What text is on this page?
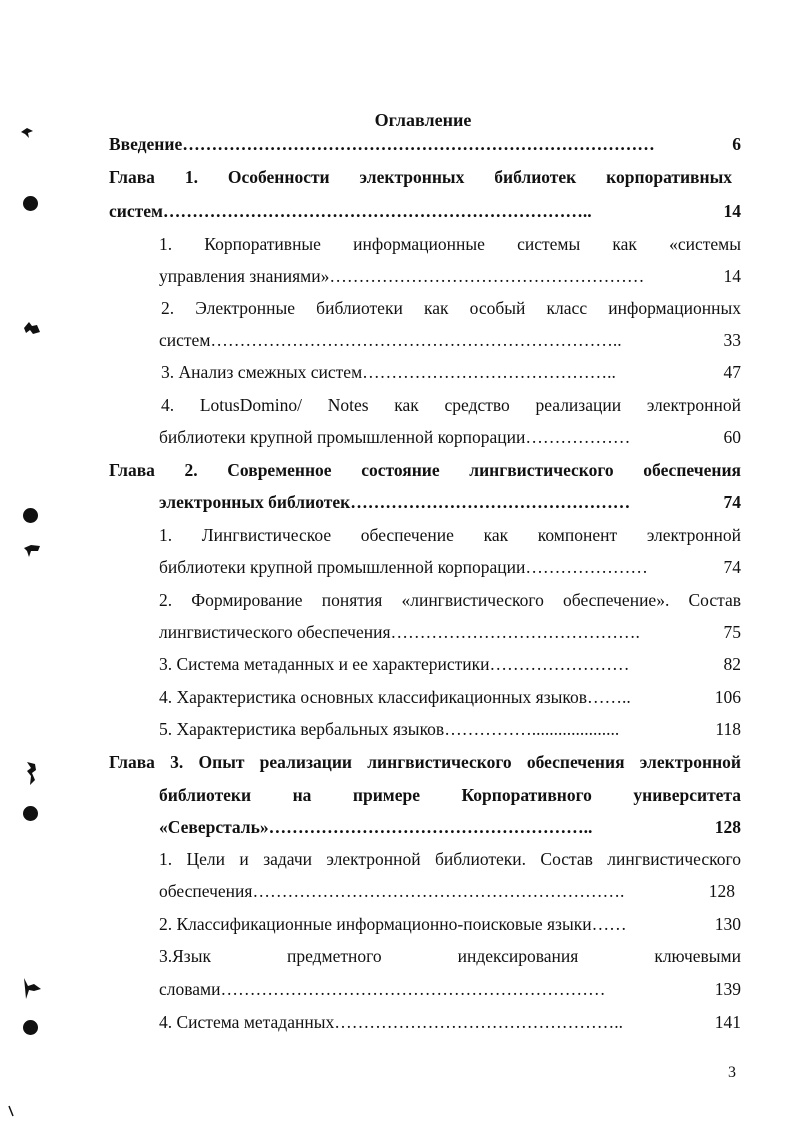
Оглавление
Введение………………………………………………………………………	6
Глава 1. Особенности электронных библиотек корпоративных
систем………………………………………………………………..	14
1. Корпоративные информационные системы как «системы
управления знаниями»………………………………………………	14
2. Электронные библиотеки как особый класс информационных
систем……………………………………………………………..	33
3. Анализ смежных систем……………………………………..	47
4. LotusDomino/ Notes как средство реализации электронной
библиотеки крупной промышленной корпорации………………	60
Глава 2. Современное состояние лингвистического обеспечения
электронных библиотек…………………………………………	74
1. Лингвистическое обеспечение как компонент электронной
библиотеки крупной промышленной корпорации…………………	74
2. Формирование понятия «лингвистического обеспечение». Состав
лингвистического обеспечения…………………………………….	75
3. Система метаданных и ее характеристики……………………	82
4. Характеристика основных классификационных языков……..	106
5. Характеристика вербальных языков……………....................	118
Глава 3. Опыт реализации лингвистического обеспечения электронной
библиотеки на примере Корпоративного университета
«Северсталь»………………………………………………..	128
1. Цели и задачи электронной библиотеки. Состав лингвистического
обеспечения……………………………………………………….	128
2. Классификационные информационно-поисковые языки……	130
3.Язык предметного индексирования ключевыми
словами…………………………………………………………	139
4. Система метаданных…………………………………………..	141
3
